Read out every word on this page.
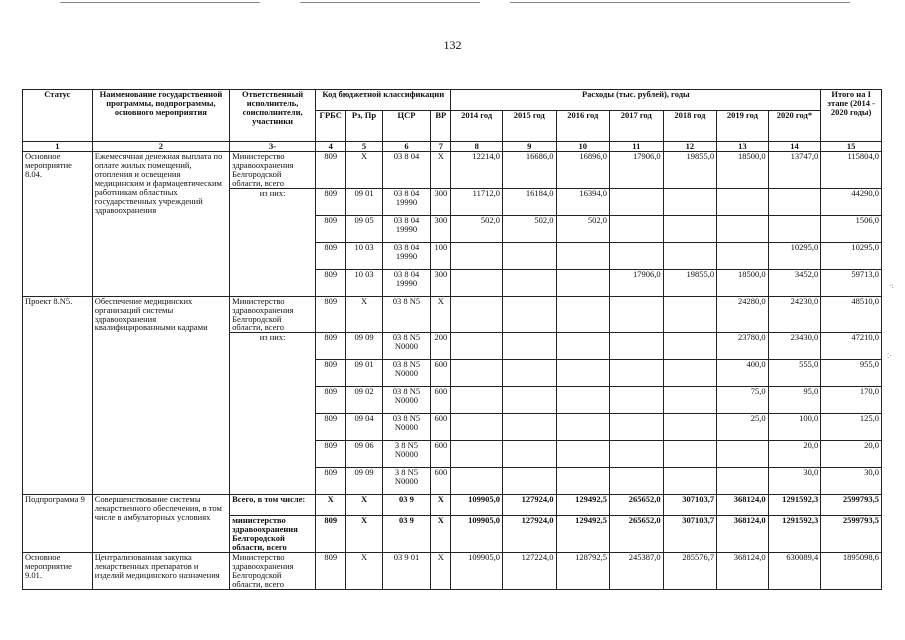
132
Статус	Наименование государственной программы, подпрограммы, основного мероприятия	Ответственный исполнитель, соисполнители, участники	Код бюджетной классификации				Расходы (тыс. рублей), годы							Итого на I этапе (2014 - 2020 годы)
			ГРБС	Рз, Пр	ЦСР	ВР	2014 год	2015 год	2016 год	2017 год	2018 год	2019 год	2020 год*	
1	2	3-	4	5	6	7	8	9	10	11	12	13	14	15
Основное мероприятие 8.04.	Ежемесячная денежная выплата по оплате жилых помещений, отопления и освещения медицинским и фармацевтическим работникам областных государственных учреждений здравоохранения	Министерство здравоохранения Белгородской области, всего	809	Х	03 8 04	Х	12214,0	16686,0	16896,0	17906,0	19855,0	18500,0	13747,0	115804,0
		из них:	809	09 01	03 8 04 19990	300	11712,0	16184,0	16394,0					44290,0
			809	09 05	03 8 04 19990	300	502,0	502,0	502,0					1506,0
			809	10 03	03 8 04 19990	100							10295,0	10295,0
			809	10 03	03 8 04 19990	300				17906,0	19855,0	18500,0	3452,0	59713,0
Проект 8.N5.	Обеспечение медицинских организаций системы здравоохранения квалифицированными кадрами	Министерство здравоохранения Белгородской области, всего	809	Х	03 8 N5	Х						24280,0	24230,0	48510,0
		из них:	809	09 09	03 8 N5 N0000	200						23780,0	23430,0	47210,0
			809	09 01	03 8 N5 N0000	600						400,0	555,0	955,0
			809	09 02	03 8 N5 N0000	600						75,0	95,0	170,0
			809	09 04	03 8 N5 N0000	600						25,0	100,0	125,0
			809	09 06	3 8 N5 N0000	600							20,0	20,0
			809	09 09	3 8 N5 N0000	600							30,0	30,0
Подпрограмма 9	Совершенствование системы лекарственного обеспечения, в том числе в амбулаторных условиях	Всего, в том числе:	Х	Х	03 9	Х	109905,0	127924,0	129492,5	265652,0	307103,7	368124,0	1291592,3	2599793,5
		министерство здравоохранения Белгородской области, всего	809	Х	03 9	Х	109905,0	127924,0	129492,5	265652,0	307103,7	368124,0	1291592,3	2599793,5
Основное мероприятие 9.01.	Централизованная закупка лекарственных препаратов и изделий медицинского назначения	Министерство здравоохранения Белгородской области, всего	809	Х	03 9 01	Х	109905,0	127224,0	128792,5	245387,0	285576,7	368124,0	630089,4	1895098,6
·:
⁚·
